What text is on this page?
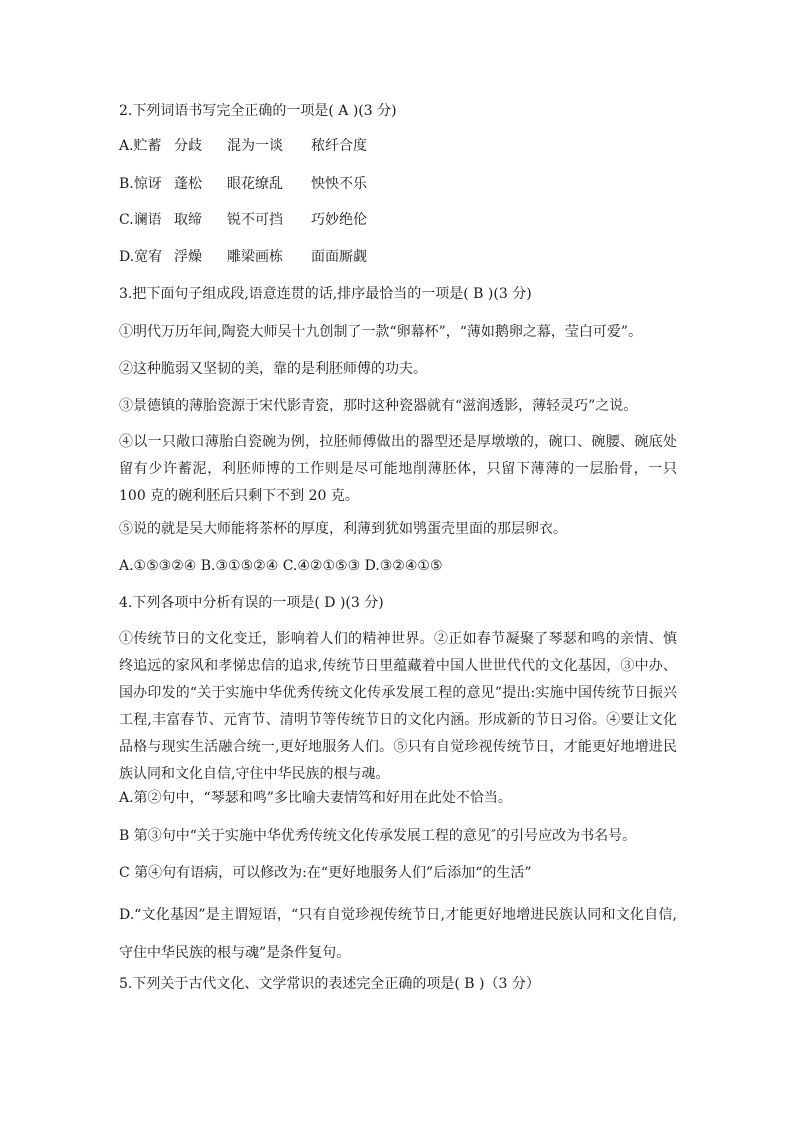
2.下列词语书写完全正确的一项是( A )(3 分)
A.贮蓄 分歧 混为一谈 秾纤合度
B.惊讶 蓬松 眼花缭乱 怏怏不乐
C.谰语 取缔 锐不可挡 巧妙绝伦
D.宽宥 浮燥 雕梁画栋 面面厮觑
3.把下面句子组成段,语意连贯的话,排序最恰当的一项是( B )(3 分)
①明代万历年间,陶瓷大师吴十九创制了一款“卵幕杯”，“薄如鹅卵之幕，莹白可爱”。
②这种脆弱又坚韧的美，靠的是利胚师傅的功夫。
③景德镇的薄胎瓷源于宋代影青瓷，那时这种瓷器就有“滋润透影，薄轻灵巧”之说。
④以一只敞口薄胎白瓷碗为例，拉胚师傅做出的器型还是厚墩墩的，碗口、碗腰、碗底处留有少许蓄泥，利胚师博的工作则是尽可能地削薄胚体，只留下薄薄的一层胎骨，一只 100 克的碗利胚后只剩下不到 20 克。
⑤说的就是吴大师能将茶杯的厚度，利薄到犹如鸮蛋壳里面的那层卵衣。
A.①⑤③②④ B.③①⑤②④ C.④②①⑤③ D.③②④①⑤
4.下列各项中分析有误的一项是( D )(3 分)
①传统节日的文化变迁，影响着人们的精神世界。②正如春节凝聚了琴瑟和鸣的亲情、慎终追远的家风和孝悌忠信的追求,传统节日里蕴藏着中国人世世代代的文化基因，③中办、国办印发的“关于实施中华优秀传统文化传承发展工程的意见”提出:实施中国传统节日振兴工程,丰富春节、元宵节、清明节等传统节日的文化内涵。形成新的节日习俗。④要让文化品格与现实生活融合统一,更好地服务人们。⑤只有自觉珍视传统节日，才能更好地增进民族认同和文化自信,守住中华民族的根与魂。
A.第②句中，“琴瑟和鸣”多比喻夫妻情笃和好用在此处不恰当。
B 第③句中“关于实施中华优秀传统文化传承发展工程的意见″的引号应改为书名号。
C 第④句有语病，可以修改为:在“更好地服务人们”后添加“的生活”
D.“文化基因”是主谓短语，“只有自觉珍视传统节日,才能更好地增进民族认同和文化自信,守住中华民族的根与魂”是条件复句。
5.下列关于古代文化、文学常识的表述完全正确的项是( B )（3 分）
